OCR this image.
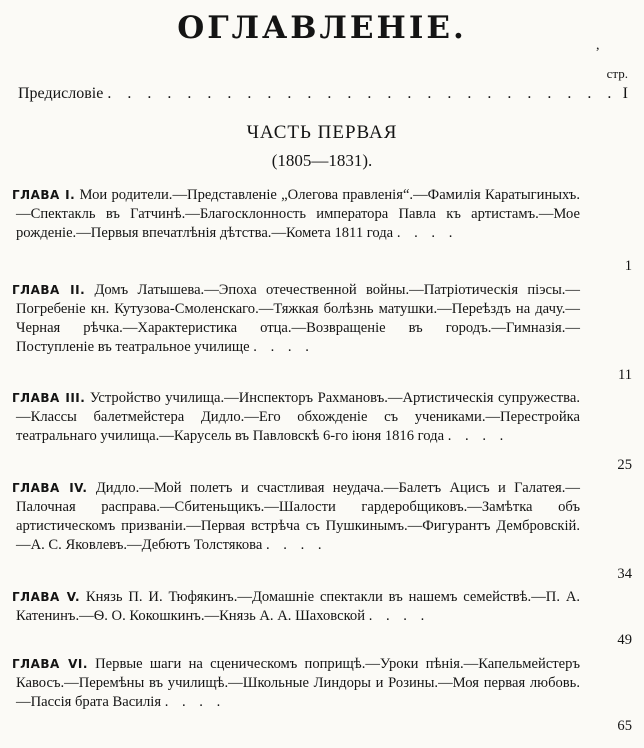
ОГЛАВЛЕНІЕ.	,
стр.
Предисловіе
. . .	I
ЧАСТЬ ПЕРВАЯ
(1805—1831).
ГЛАВА I. Мои родители.—Представленіе „Олегова правленія“.—Фамилія Каратыгиныхъ.—Спектакль въ Гатчинѣ.—Благосклонность императора Павла къ артистамъ.—Мое рожденіе.—Первыя впечатлѣнія дѣтства.—Комета 1811 года . . . .
1
ГЛАВА II. Домъ Латышева.—Эпоха отечественной войны.—Патріотическія пiэсы.—Погребеніе кн. Кутузова-Смоленскаго.—Тяжкая болѣзнь матушки.—Переѣздъ на дачу.—Черная рѣчка.—Характеристика отца.—Возвращеніе въ городъ.—Гимназія.—Поступленіе въ театральное училище . . . .
11
ГЛАВА III. Устройство училища.—Инспекторъ Рахмановъ.—Артистическія супружества.—Классы балетмейстера Дидло.—Его обхожденіе съ учениками.—Перестройка театральнаго училища.—Карусель въ Павловскѣ 6-го іюня 1816 года . . . .
25
ГЛАВА IV. Дидло.—Мой полетъ и счастливая неудача.—Балетъ Ацисъ и Галатея.—Палочная расправа.—Сбитеньщикъ.—Шалости гардеробщиковъ.—Замѣтка объ артистическомъ призваніи.—Первая встрѣча съ Пушкинымъ.—Фигурантъ Дембровскій.—А. С. Яковлевъ.—Дебютъ Толстякова . . . .
34
ГЛАВА V. Князь П. И. Тюфякинъ.—Домашніе спектакли въ нашемъ семействѣ.—П. А. Катенинъ.—Ѳ. О. Кокошкинъ.—Князь А. А. Шаховской . . . .
49
ГЛАВА VI. Первые шаги на сценическомъ поприщѣ.—Уроки пѣнія.—Капельмейстеръ Кавосъ.—Перемѣны въ училищѣ.—Школьные Линдоры и Розины.—Моя первая любовь.—Пассія брата Василія . . . .
65
